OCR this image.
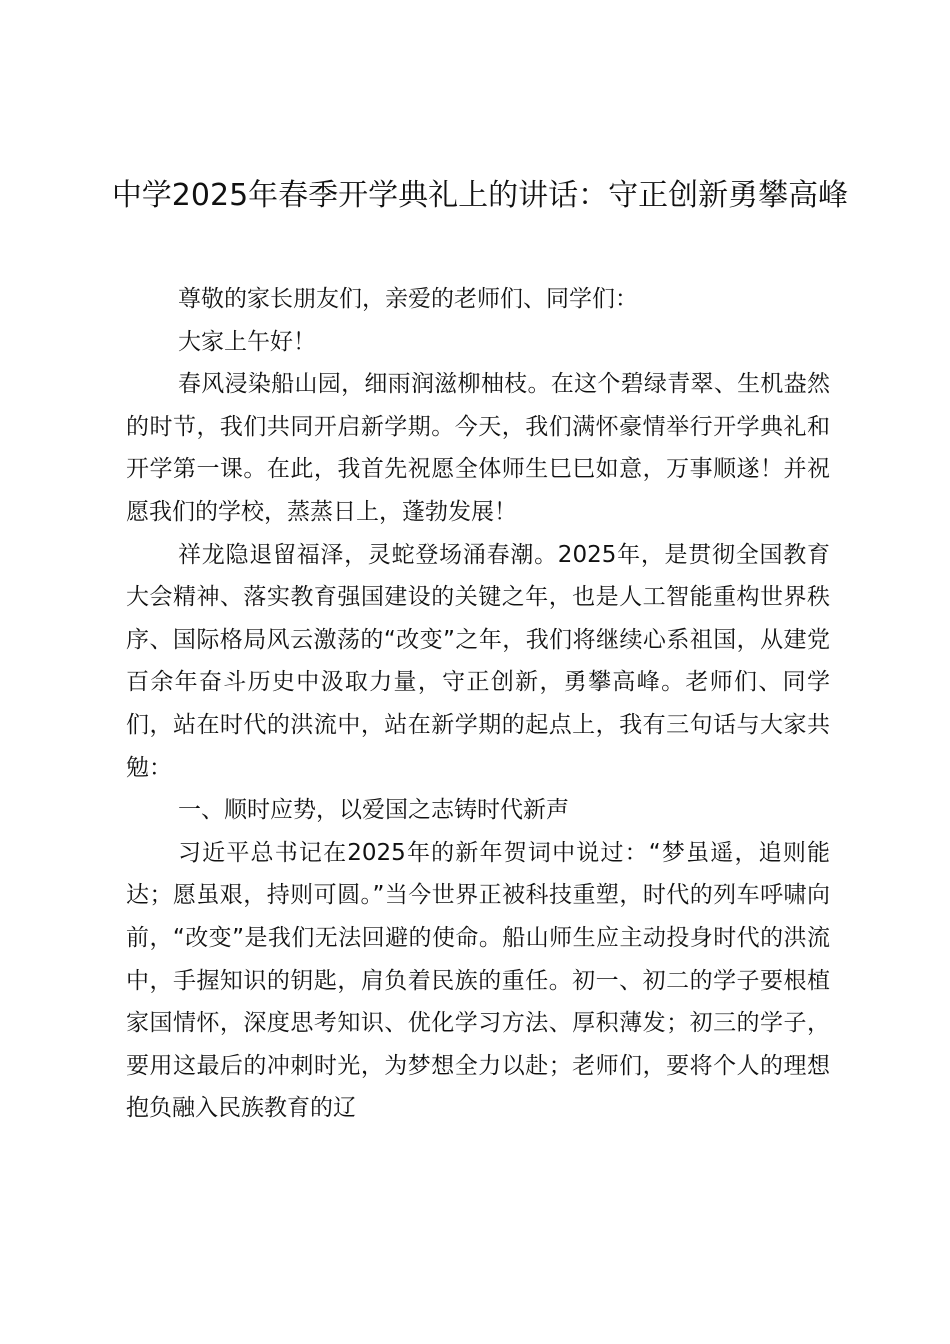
中学2025年春季开学典礼上的讲话：守正创新勇攀高峰

尊敬的家长朋友们，亲爱的老师们、同学们：

大家上午好！

春风浸染船山园，细雨润滋柳柚枝。在这个碧绿青翠、生机盎然的时节，我们共同开启新学期。今天，我们满怀豪情举行开学典礼和开学第一课。在此，我首先祝愿全体师生巳巳如意，万事顺遂！并祝愿我们的学校，蒸蒸日上，蓬勃发展！

祥龙隐退留福泽，灵蛇登场涌春潮。2025年，是贯彻全国教育大会精神、落实教育强国建设的关键之年，也是人工智能重构世界秩序、国际格局风云激荡的“改变”之年，我们将继续心系祖国，从建党百余年奋斗历史中汲取力量，守正创新，勇攀高峰。老师们、同学们，站在时代的洪流中，站在新学期的起点上，我有三句话与大家共勉：

一、顺时应势，以爱国之志铸时代新声

习近平总书记在2025年的新年贺词中说过：“梦虽遥，追则能达；愿虽艰，持则可圆。”当今世界正被科技重塑，时代的列车呼啸向前，“改变”是我们无法回避的使命。船山师生应主动投身时代的洪流中，手握知识的钥匙，肩负着民族的重任。初一、初二的学子要根植家国情怀，深度思考知识、优化学习方法、厚积薄发；初三的学子，要用这最后的冲刺时光，为梦想全力以赴；老师们，要将个人的理想抱负融入民族教育的辽
